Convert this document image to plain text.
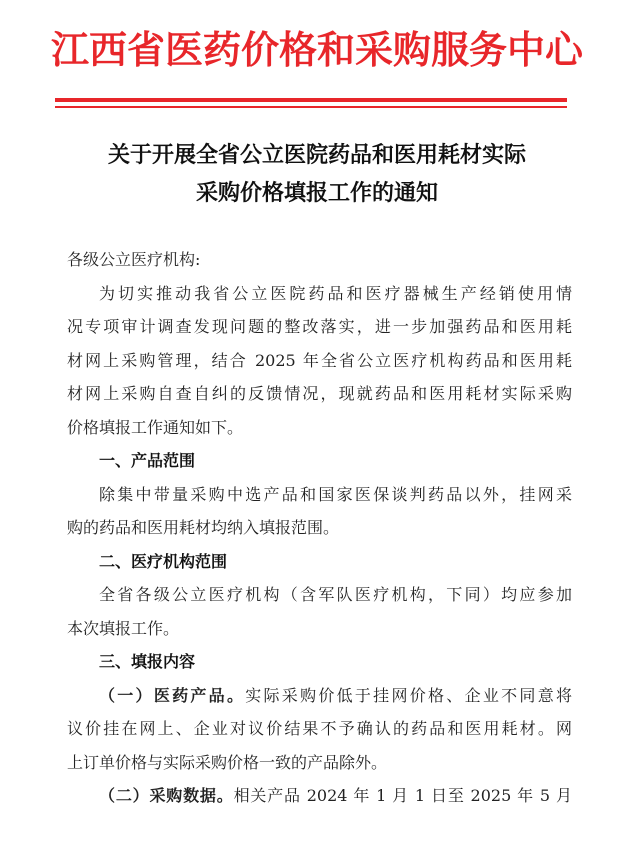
江西省医药价格和采购服务中心
关于开展全省公立医院药品和医用耗材实际
采购价格填报工作的通知

各级公立医疗机构:

为切实推动我省公立医院药品和医疗器械生产经销使用情

况专项审计调查发现问题的整改落实，进一步加强药品和医用耗

材网上采购管理，结合 2025 年全省公立医疗机构药品和医用耗

材网上采购自查自纠的反馈情况，现就药品和医用耗材实际采购

价格填报工作通知如下。

一、产品范围

除集中带量采购中选产品和国家医保谈判药品以外，挂网采

购的药品和医用耗材均纳入填报范围。

二、医疗机构范围

全省各级公立医疗机构（含军队医疗机构，下同）均应参加

本次填报工作。

三、填报内容

（一）医药产品。实际采购价低于挂网价格、企业不同意将

议价挂在网上、企业对议价结果不予确认的药品和医用耗材。网

上订单价格与实际采购价格一致的产品除外。

（二）采购数据。相关产品 2024 年 1 月 1 日至 2025 年 5 月
